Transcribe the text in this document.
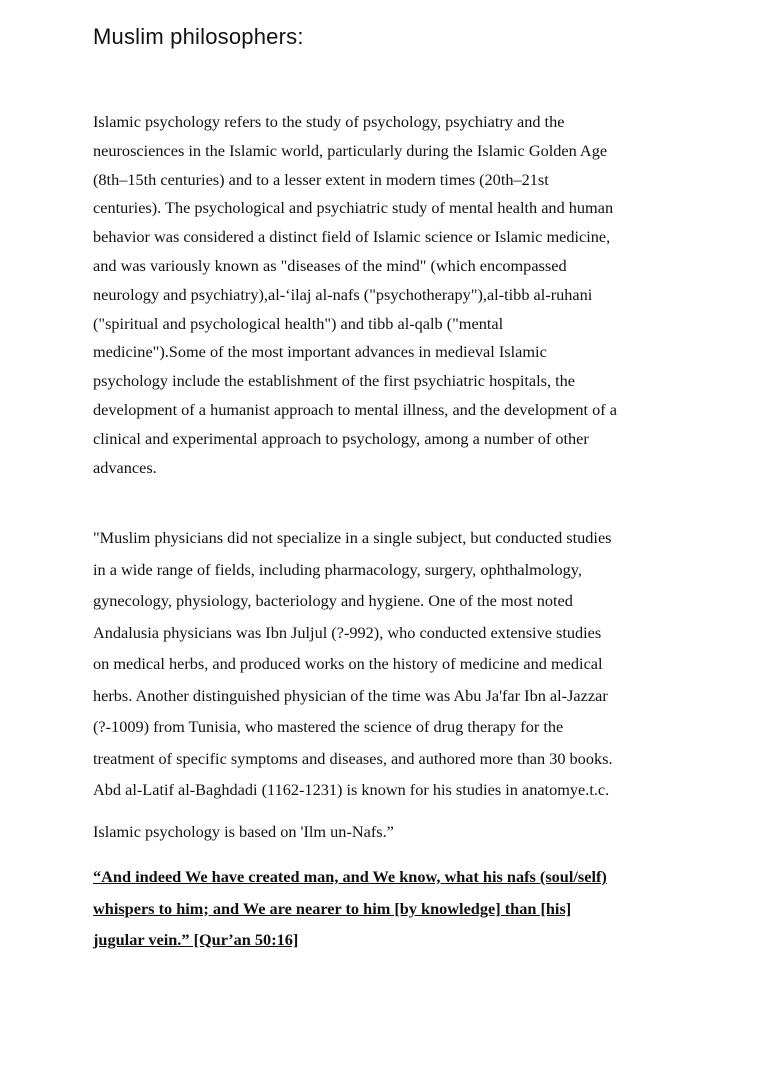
Muslim philosophers:
Islamic psychology refers to the study of psychology, psychiatry and the
neurosciences in the Islamic world, particularly during the Islamic Golden Age
(8th–15th centuries) and to a lesser extent in modern times (20th–21st
centuries). The psychological and psychiatric study of mental health and human
behavior was considered a distinct field of Islamic science or Islamic medicine,
and was variously known as "diseases of the mind" (which encompassed
neurology and psychiatry),al-‘ilaj al-nafs ("psychotherapy"),al-tibb al-ruhani
("spiritual and psychological health") and tibb al-qalb ("mental
medicine").Some of the most important advances in medieval Islamic
psychology include the establishment of the first psychiatric hospitals, the
development of a humanist approach to mental illness, and the development of a
clinical and experimental approach to psychology, among a number of other
advances.
"Muslim physicians did not specialize in a single subject, but conducted studies
in a wide range of fields, including pharmacology, surgery, ophthalmology,
gynecology, physiology, bacteriology and hygiene. One of the most noted
Andalusia physicians was Ibn Juljul (?-992), who conducted extensive studies
on medical herbs, and produced works on the history of medicine and medical
herbs. Another distinguished physician of the time was Abu Ja'far Ibn al-Jazzar
(?-1009) from Tunisia, who mastered the science of drug therapy for the
treatment of specific symptoms and diseases, and authored more than 30 books.
Abd al-Latif al-Baghdadi (1162-1231) is known for his studies in anatomye.t.c.
Islamic psychology is based on 'Ilm un-Nafs.”
“And indeed We have created man, and We know, what his nafs (soul/self)
whispers to him; and We are nearer to him [by knowledge] than [his]
jugular vein.” [Qur’an 50:16]
